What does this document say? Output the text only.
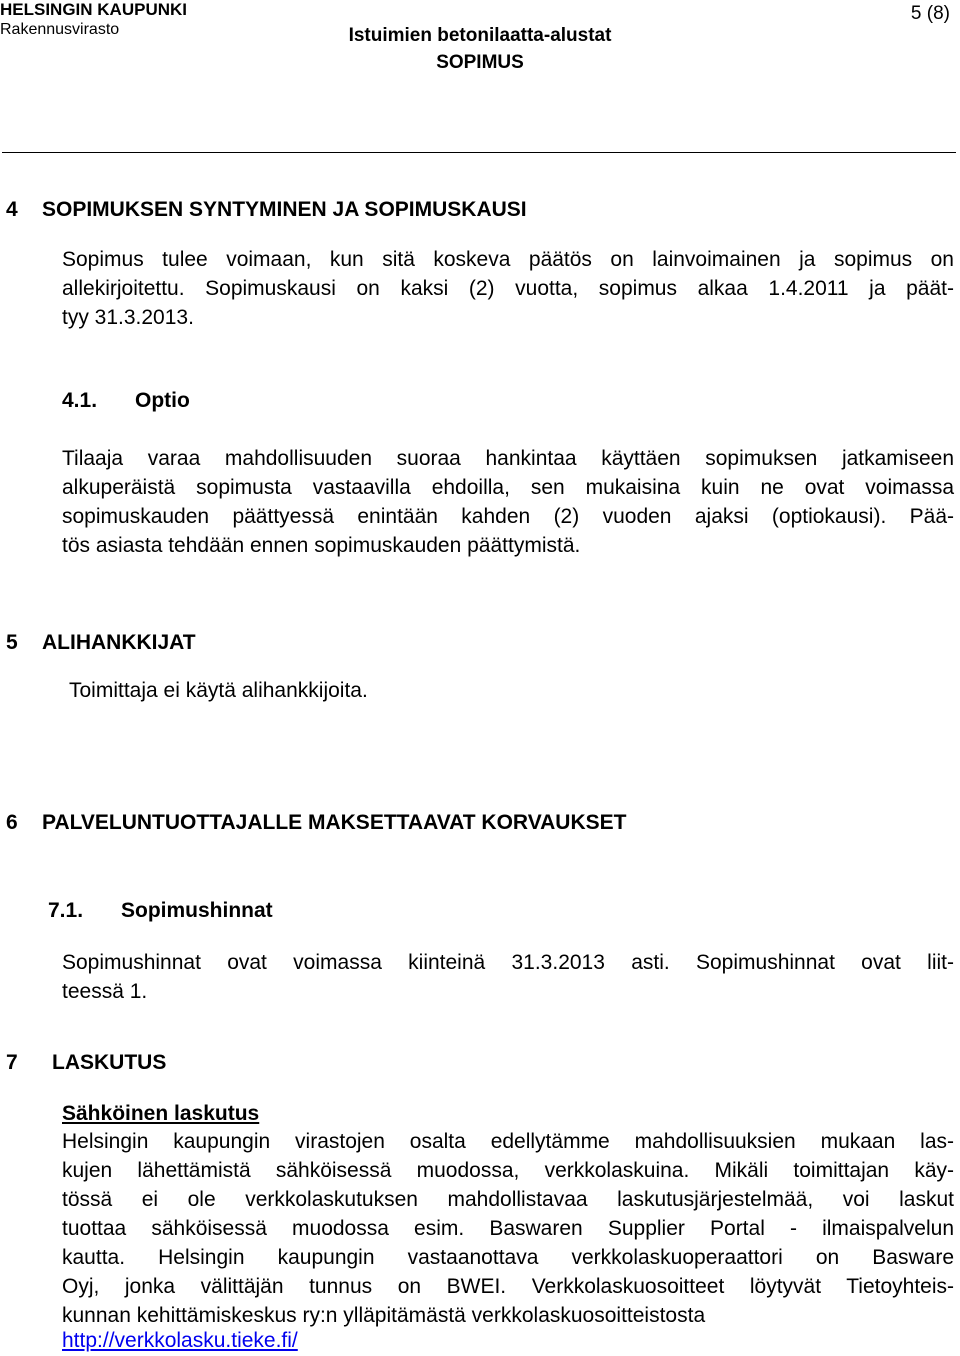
HELSINGIN KAUPUNKI
Rakennusvirasto
5 (8)
Istuimien betonilaatta-alustat
SOPIMUS
4 SOPIMUKSEN SYNTYMINEN JA SOPIMUSKAUSI
Sopimus tulee voimaan, kun sitä koskeva päätös on lainvoimainen ja sopimus on
allekirjoitettu. Sopimuskausi on kaksi (2) vuotta, sopimus alkaa 1.4.2011 ja päät-
tyy 31.3.2013.
4.1. Optio
Tilaaja varaa mahdollisuuden suoraa hankintaa käyttäen sopimuksen jatkamiseen
alkuperäistä sopimusta vastaavilla ehdoilla, sen mukaisina kuin ne ovat voimassa
sopimuskauden päättyessä enintään kahden (2) vuoden ajaksi (optiokausi). Pää-
tös asiasta tehdään ennen sopimuskauden päättymistä.
5 ALIHANKKIJAT
Toimittaja ei käytä alihankkijoita.
6 PALVELUNTUOTTAJALLE MAKSETTAAVAT KORVAUKSET
7.1. Sopimushinnat
Sopimushinnat ovat voimassa kiinteinä 31.3.2013 asti. Sopimushinnat ovat liit-
teessä 1.
7 LASKUTUS
Sähköinen laskutus
Helsingin kaupungin virastojen osalta edellytämme mahdollisuuksien mukaan las-
kujen lähettämistä sähköisessä muodossa, verkkolaskuina. Mikäli toimittajan käy-
tössä ei ole verkkolaskutuksen mahdollistavaa laskutusjärjestelmää, voi laskut
tuottaa sähköisessä muodossa esim. Baswaren Supplier Portal - ilmaispalvelun
kautta. Helsingin kaupungin vastaanottava verkkolaskuoperaattori on Basware
Oyj, jonka välittäjän tunnus on BWEI. Verkkolaskuosoitteet löytyvät Tietoyhteis-
kunnan kehittämiskeskus ry:n ylläpitämästä verkkolaskuosoitteistosta
http://verkkolasku.tieke.fi/
